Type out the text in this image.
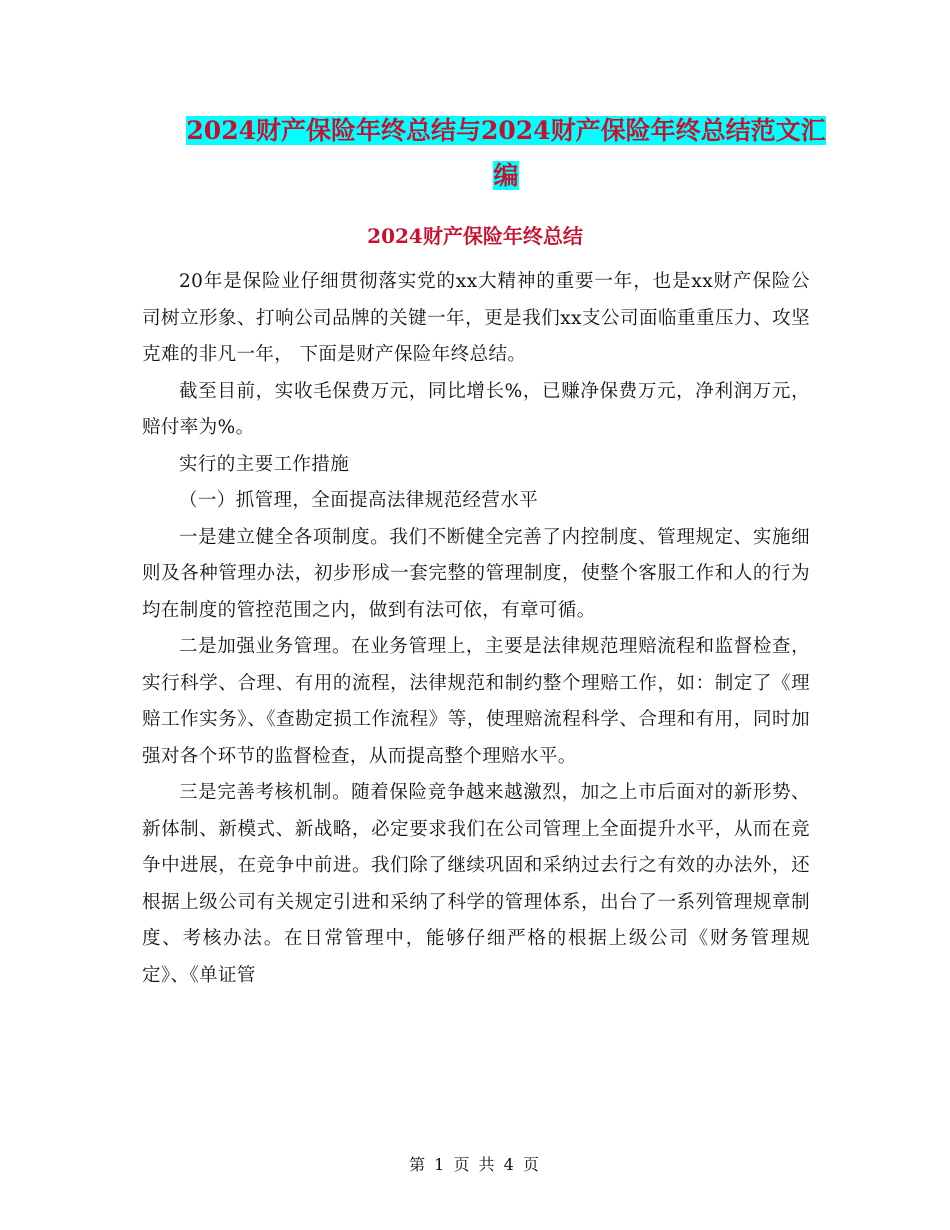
2024财产保险年终总结与2024财产保险年终总结范文汇编
2024财产保险年终总结

20年是保险业仔细贯彻落实党的xx大精神的重要一年，也是xx财产保险公司树立形象、打响公司品牌的关键一年，更是我们xx支公司面临重重压力、攻坚克难的非凡一年， 下面是财产保险年终总结。

截至目前，实收毛保费万元，同比增长%，已赚净保费万元，净利润万元，赔付率为%。

实行的主要工作措施

（一）抓管理，全面提高法律规范经营水平

一是建立健全各项制度。我们不断健全完善了内控制度、管理规定、实施细则及各种管理办法，初步形成一套完整的管理制度，使整个客服工作和人的行为均在制度的管控范围之内，做到有法可依，有章可循。

二是加强业务管理。在业务管理上，主要是法律规范理赔流程和监督检查，实行科学、合理、有用的流程，法律规范和制约整个理赔工作，如：制定了《理赔工作实务》、《查勘定损工作流程》等，使理赔流程科学、合理和有用，同时加强对各个环节的监督检查，从而提高整个理赔水平。

三是完善考核机制。随着保险竞争越来越激烈，加之上市后面对的新形势、新体制、新模式、新战略，必定要求我们在公司管理上全面提升水平，从而在竞争中进展，在竞争中前进。我们除了继续巩固和采纳过去行之有效的办法外，还根据上级公司有关规定引进和采纳了科学的管理体系，出台了一系列管理规章制度、考核办法。在日常管理中，能够仔细严格的根据上级公司《财务管理规定》、《单证管

第 1 页 共 4 页
